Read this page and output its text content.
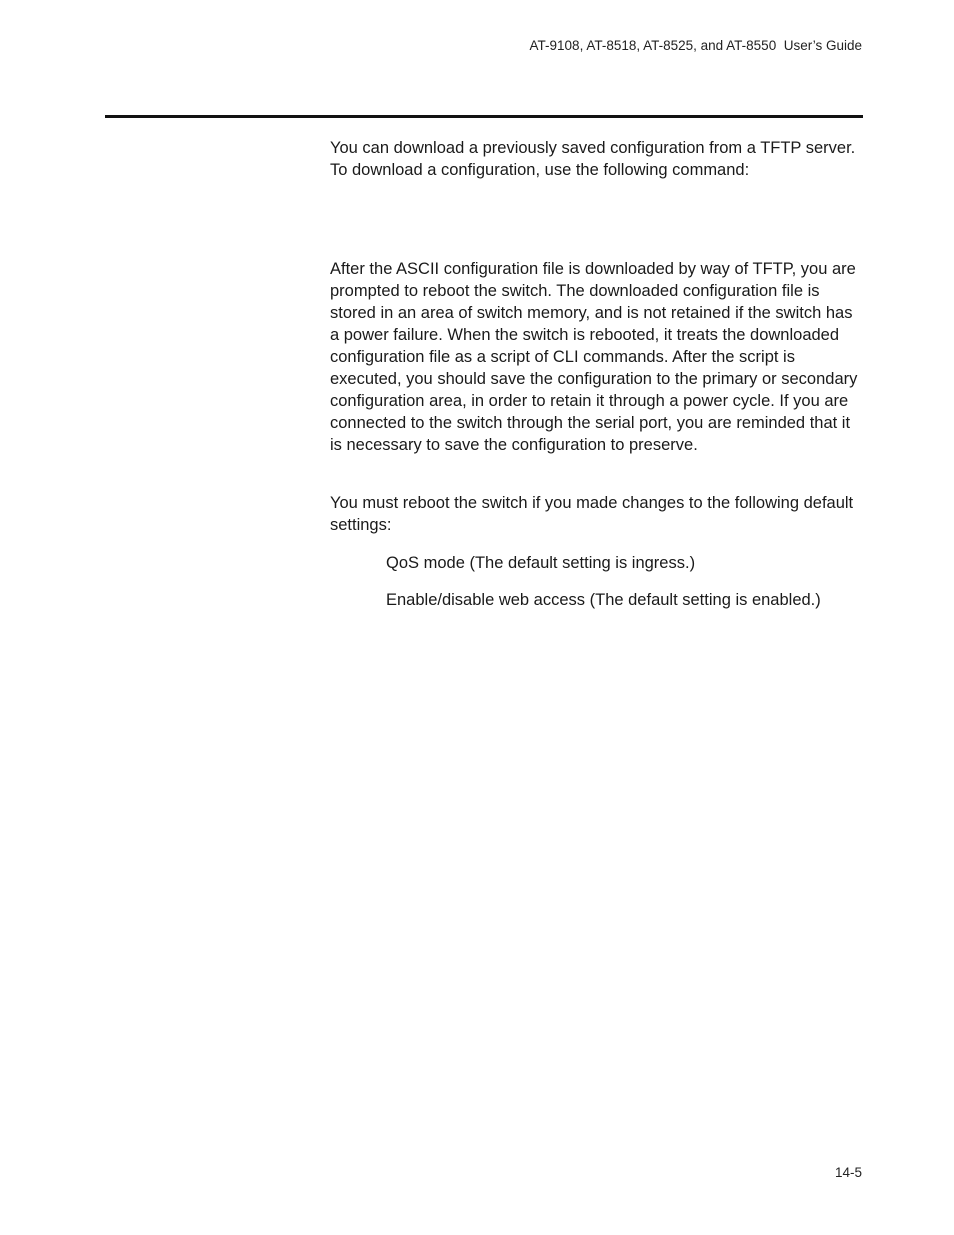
AT-9108, AT-8518, AT-8525, and AT-8550  User’s Guide

You can download a previously saved configuration from a TFTP server. To download a configuration, use the following command:

After the ASCII configuration file is downloaded by way of TFTP, you are prompted to reboot the switch. The downloaded configuration file is stored in an area of switch memory, and is not retained if the switch has a power failure. When the switch is rebooted, it treats the downloaded configuration file as a script of CLI commands. After the script is executed, you should save the configuration to the primary or secondary configuration area, in order to retain it through a power cycle. If you are connected to the switch through the serial port, you are reminded that it is necessary to save the configuration to preserve.

You must reboot the switch if you made changes to the following default settings:

QoS mode (The default setting is ingress.)

Enable/disable web access (The default setting is enabled.)

14-5
